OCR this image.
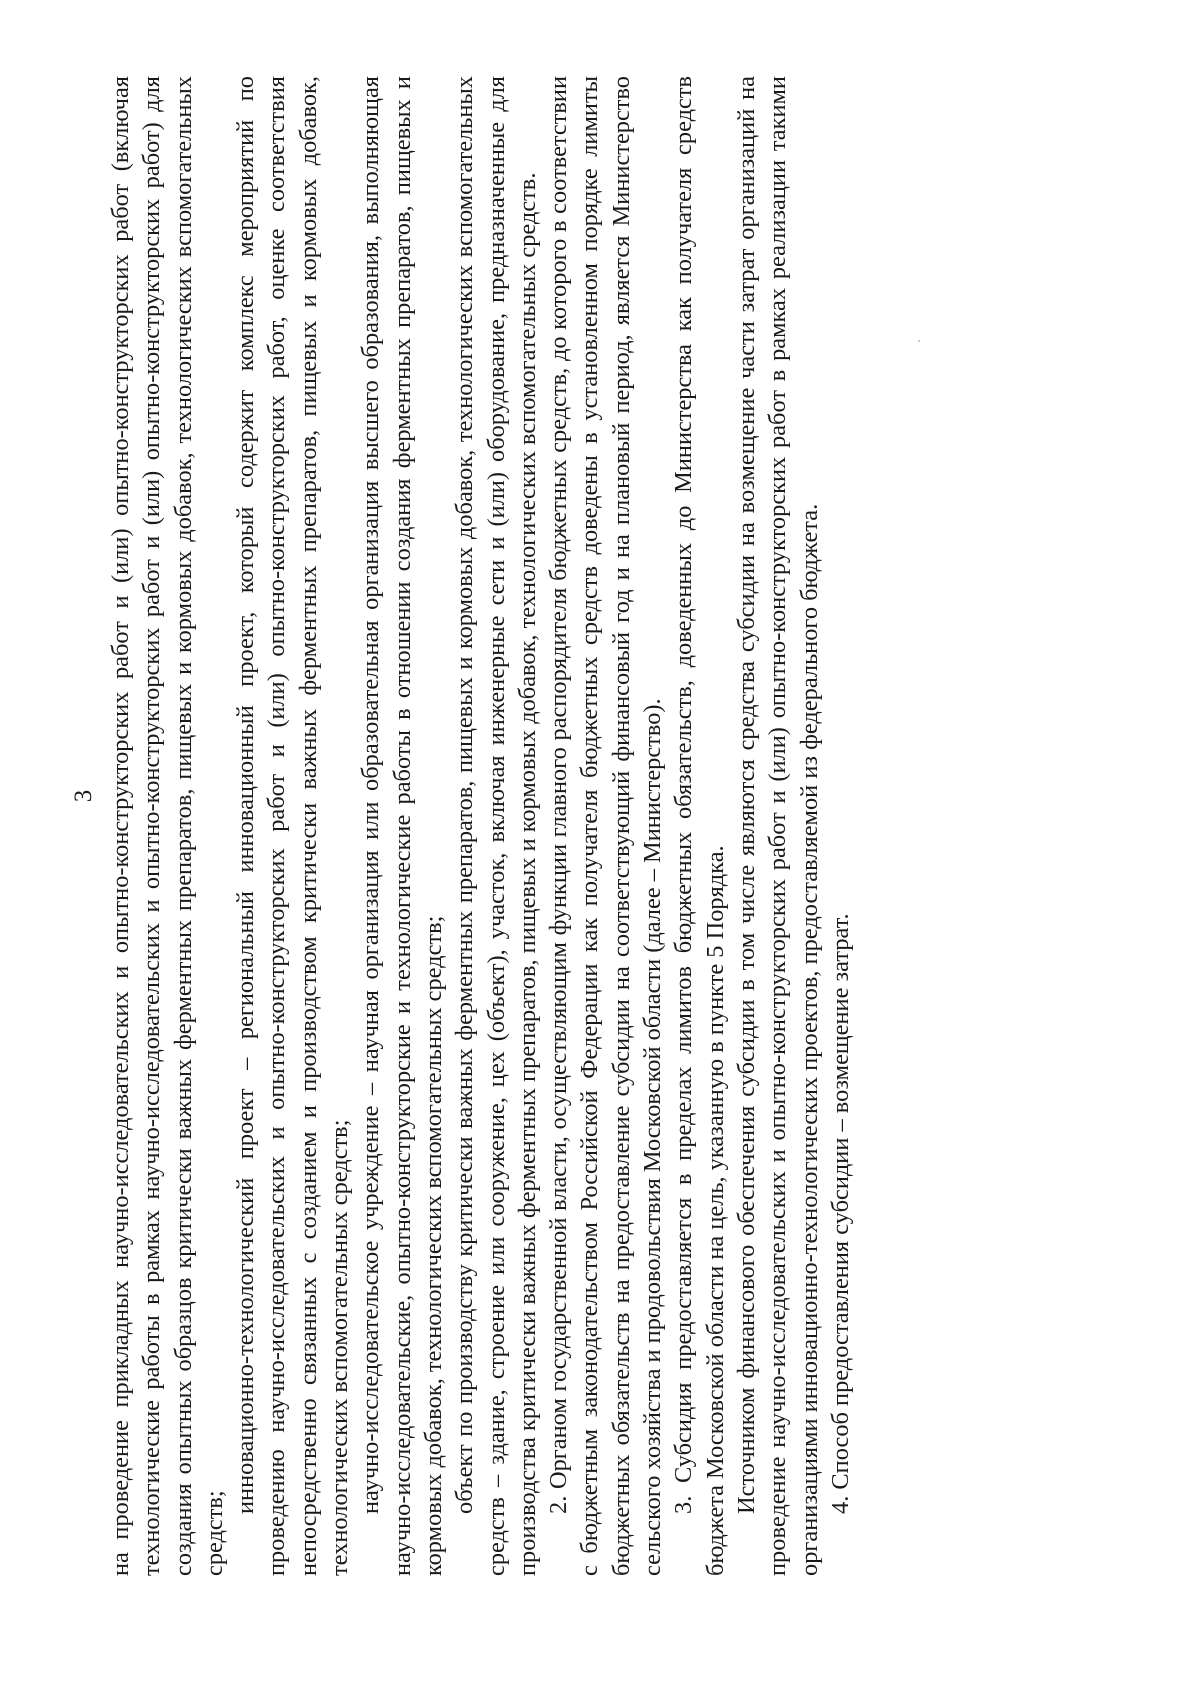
3 на проведение прикладных научно-исследовательских и опытно-конструкторских работ и (или) опытно-конструкторских работ (включая технологические работы в рамках научно-исследовательских и опытно-конструкторских работ и (или) опытно-конструкторских работ) для создания опытных образцов критически важных ферментных препаратов, пищевых и кормовых добавок, технологических вспомогательных средств;

инновационно-технологический проект – региональный инновационный проект, который содержит комплекс мероприятий по проведению научно-исследовательских и опытно-конструкторских работ и (или) опытно-конструкторских работ, оценке соответствия непосредственно связанных с созданием и производством критически важных ферментных препаратов, пищевых и кормовых добавок, технологических вспомогательных средств; научно-исследовательское учреждение – научная организация или образовательная организация высшего образования, выполняющая научно-исследовательские, опытно-конструкторские и технологические работы в отношении создания ферментных препаратов, пищевых и кормовых добавок, технологических вспомогательных средств; объект по производству критически важных ферментных препаратов, пищевых и кормовых добавок, технологических вспомогательных средств – здание, строение или сооружение, цех (объект), участок, включая инженерные сети и (или) оборудование, предназначенные для производства критически важных ферментных препаратов, пищевых и кормовых добавок, технологических вспомогательных средств. 2. Органом государственной власти, осуществляющим функции главного распорядителя бюджетных средств, до которого в соответствии с бюджетным законодательством Российской Федерации как получателя бюджетных средств доведены в установленном порядке лимиты бюджетных обязательств на предоставление субсидии на соответствующий финансовый год и на плановый период, является Министерство сельского хозяйства и продовольствия Московской области (далее – Министерство). 3. Субсидия предоставляется в пределах лимитов бюджетных обязательств, доведенных до Министерства как получателя средств бюджета Московской области на цель, указанную в пункте 5 Порядка. Источником финансового обеспечения субсидии в том числе являются средства субсидии на возмещение части затрат организаций на проведение научно-исследовательских и опытно-конструкторских работ и (или) опытно-конструкторских работ в рамках реализации такими организациями инновационно-технологических проектов, предоставляемой из федерального бюджета. 4. Способ предоставления субсидии – возмещение затрат.
